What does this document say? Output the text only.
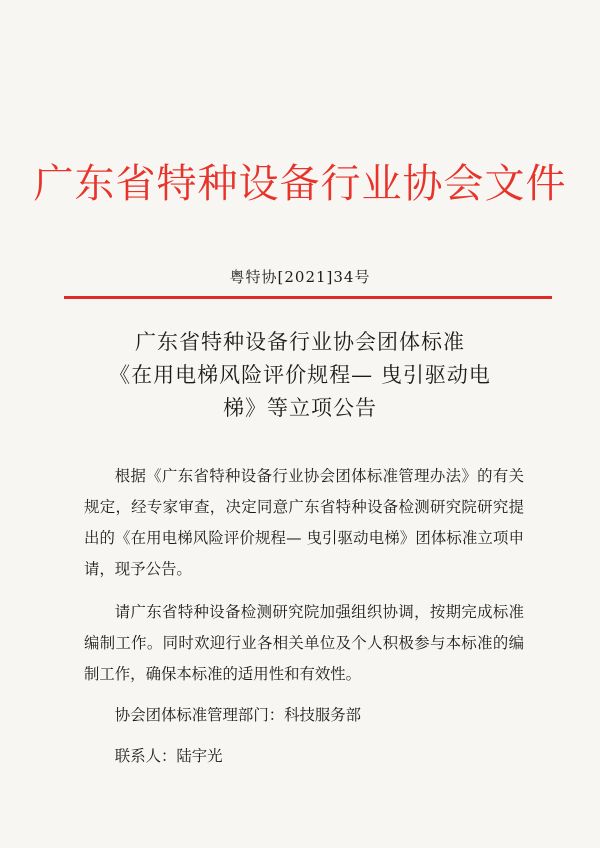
广东省特种设备行业协会文件
粤特协[2021]34号
广东省特种设备行业协会团体标准
《在用电梯风险评价规程— 曳引驱动电
梯》等立项公告

根据《广东省特种设备行业协会团体标准管理办法》的有关规定，经专家审查，决定同意广东省特种设备检测研究院研究提出的《在用电梯风险评价规程— 曳引驱动电梯》团体标准立项申请，现予公告。

请广东省特种设备检测研究院加强组织协调，按期完成标准编制工作。同时欢迎行业各相关单位及个人积极参与本标准的编制工作，确保本标准的适用性和有效性。

协会团体标准管理部门：科技服务部

联系人：陆宇光
